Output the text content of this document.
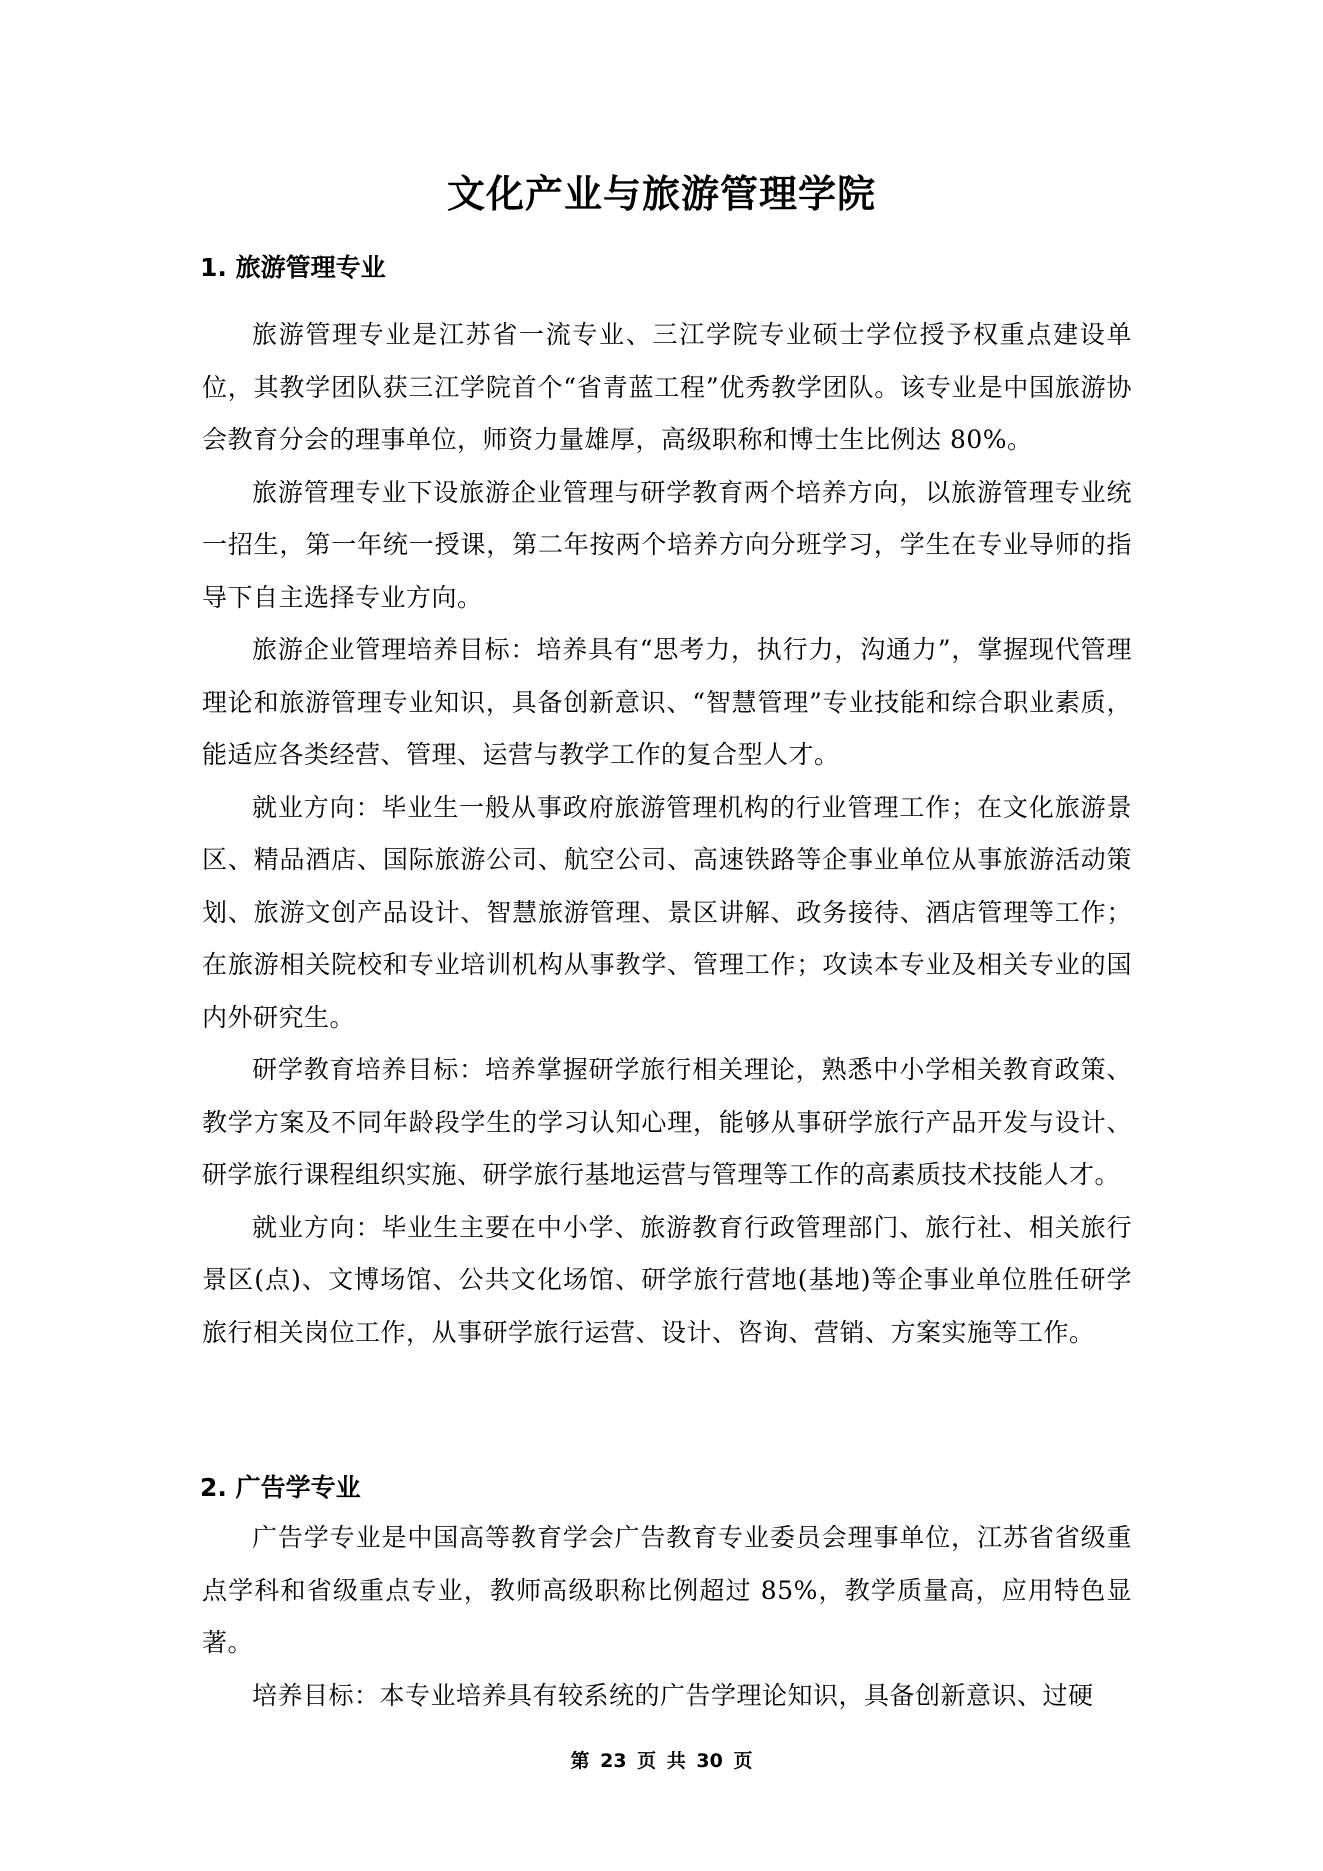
文化产业与旅游管理学院
1. 旅游管理专业

旅游管理专业是江苏省一流专业、三江学院专业硕士学位授予权重点建设单位，其教学团队获三江学院首个“省青蓝工程”优秀教学团队。该专业是中国旅游协会教育分会的理事单位，师资力量雄厚，高级职称和博士生比例达 80%。

旅游管理专业下设旅游企业管理与研学教育两个培养方向，以旅游管理专业统一招生，第一年统一授课，第二年按两个培养方向分班学习，学生在专业导师的指导下自主选择专业方向。

旅游企业管理培养目标：培养具有“思考力，执行力，沟通力”，掌握现代管理理论和旅游管理专业知识，具备创新意识、“智慧管理”专业技能和综合职业素质，能适应各类经营、管理、运营与教学工作的复合型人才。

就业方向：毕业生一般从事政府旅游管理机构的行业管理工作；在文化旅游景区、精品酒店、国际旅游公司、航空公司、高速铁路等企事业单位从事旅游活动策划、旅游文创产品设计、智慧旅游管理、景区讲解、政务接待、酒店管理等工作；在旅游相关院校和专业培训机构从事教学、管理工作；攻读本专业及相关专业的国内外研究生。

研学教育培养目标：培养掌握研学旅行相关理论，熟悉中小学相关教育政策、教学方案及不同年龄段学生的学习认知心理，能够从事研学旅行产品开发与设计、研学旅行课程组织实施、研学旅行基地运营与管理等工作的高素质技术技能人才。

就业方向：毕业生主要在中小学、旅游教育行政管理部门、旅行社、相关旅行景区(点)、文博场馆、公共文化场馆、研学旅行营地(基地)等企事业单位胜任研学旅行相关岗位工作，从事研学旅行运营、设计、咨询、营销、方案实施等工作。

2. 广告学专业

广告学专业是中国高等教育学会广告教育专业委员会理事单位，江苏省省级重点学科和省级重点专业，教师高级职称比例超过 85%，教学质量高，应用特色显著。

培养目标：本专业培养具有较系统的广告学理论知识，具备创新意识、过硬

第 23 页 共 30 页
